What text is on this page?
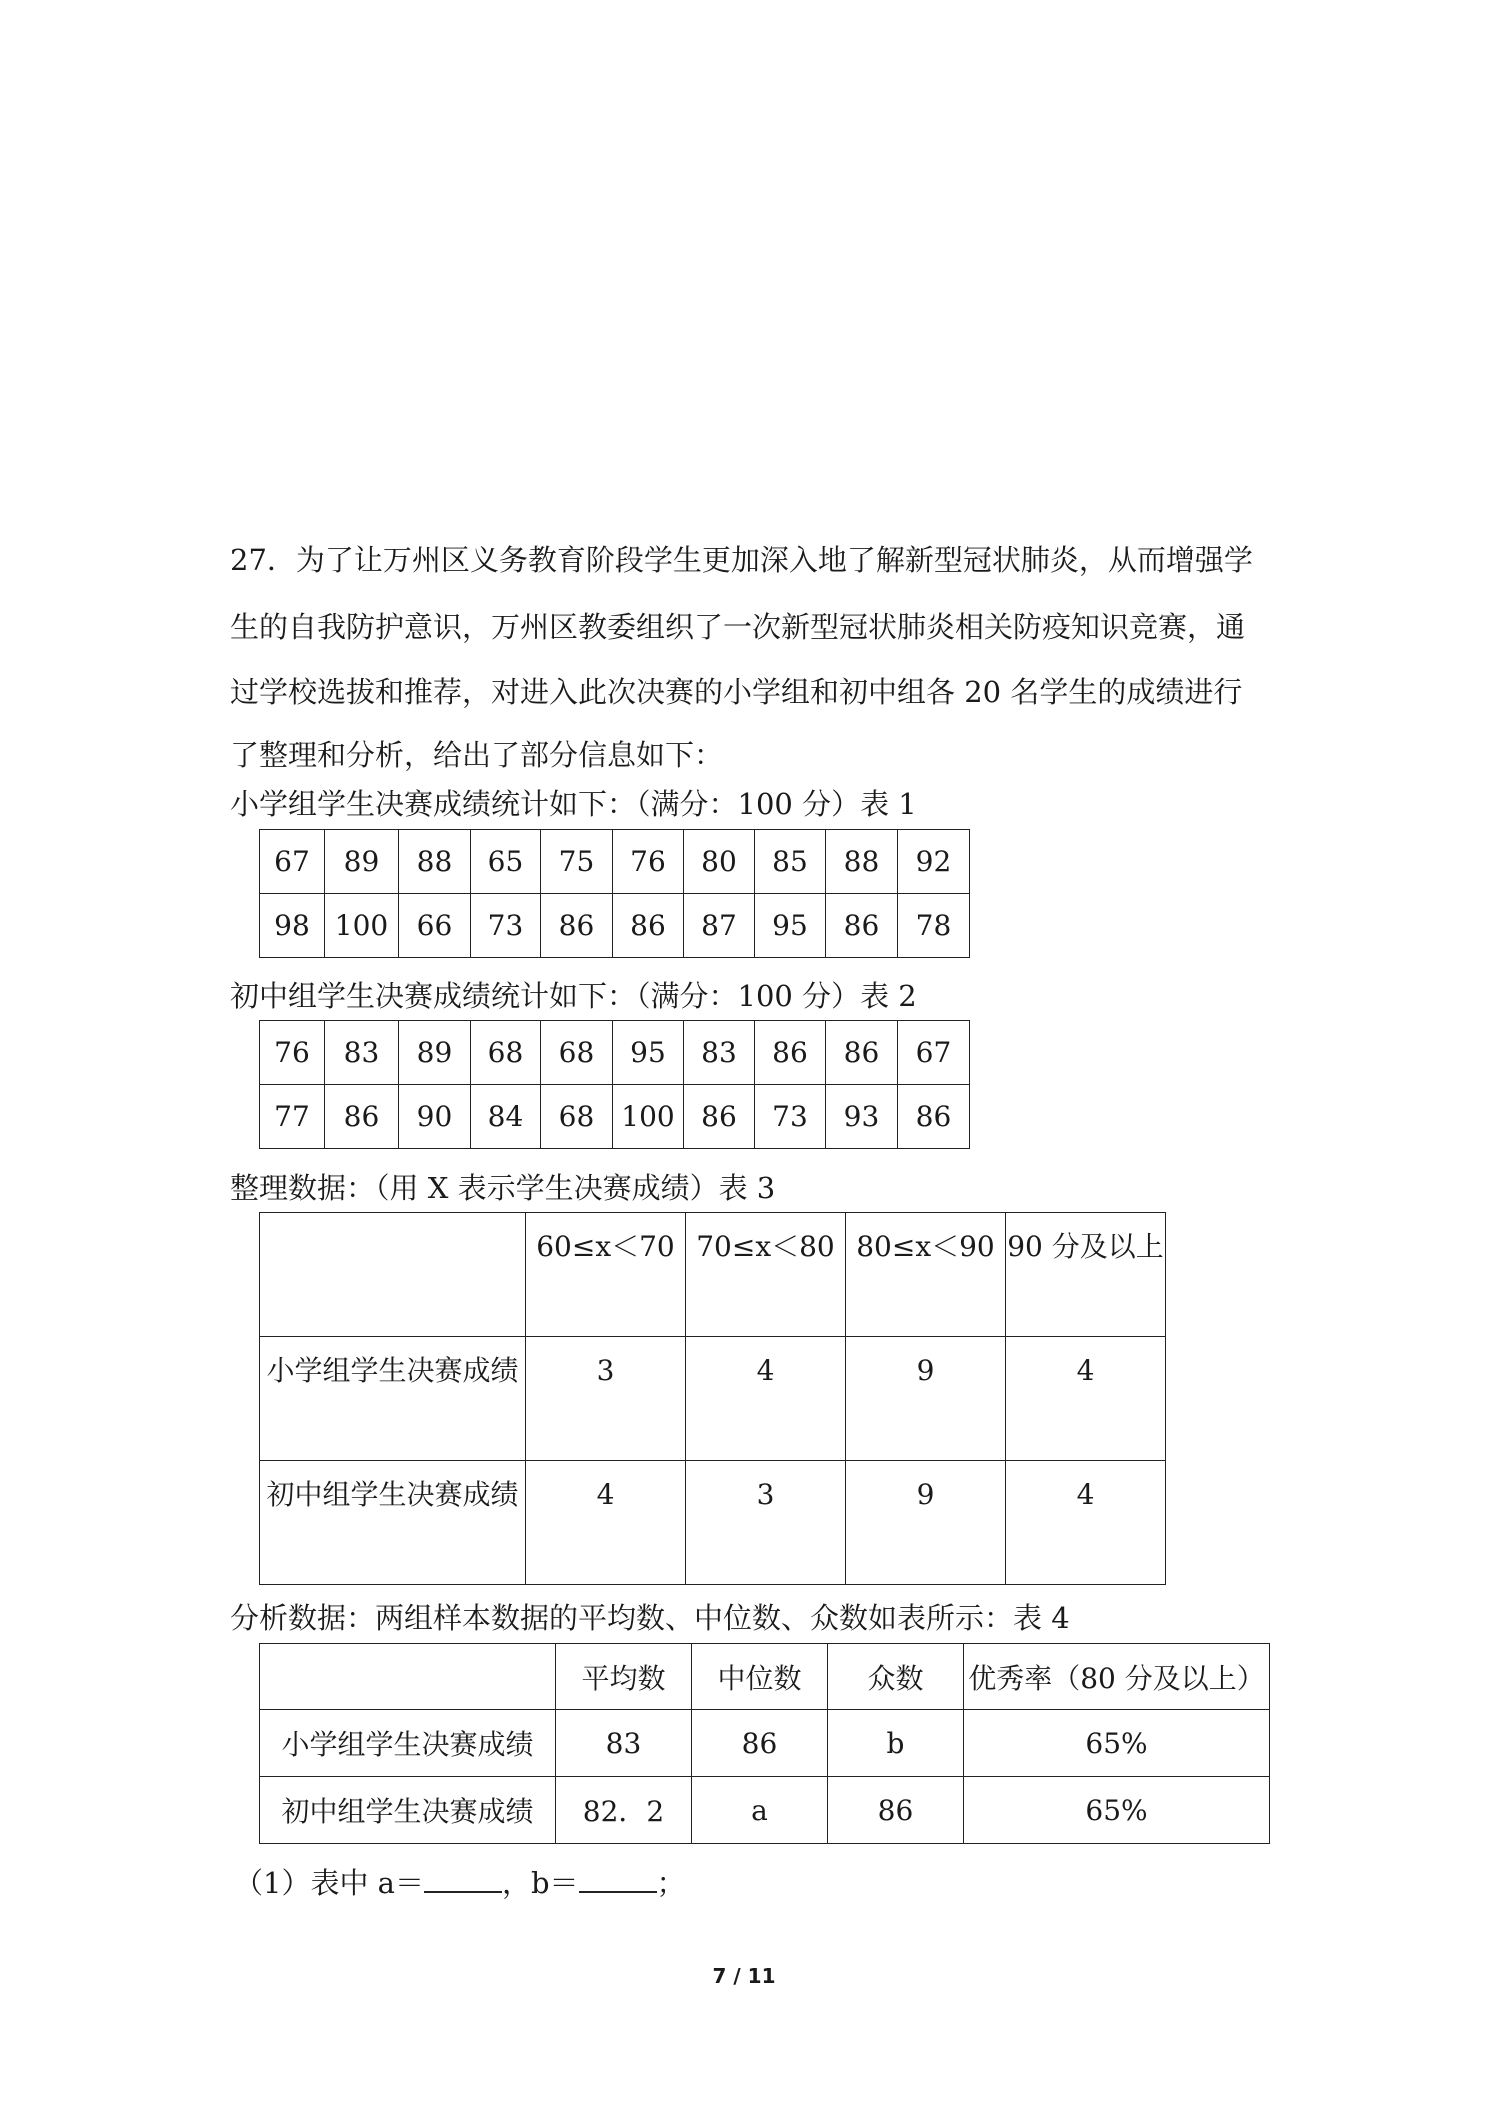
27．为了让万州区义务教育阶段学生更加深入地了解新型冠状肺炎，从而增强学
生的自我防护意识，万州区教委组织了一次新型冠状肺炎相关防疫知识竞赛，通
过学校选拔和推荐，对进入此次决赛的小学组和初中组各 20 名学生的成绩进行
了整理和分析，给出了部分信息如下：
小学组学生决赛成绩统计如下：（满分：100 分）表 1
67	89	88	65	75	76	80	85	88	92
98	100	66	73	86	86	87	95	86	78
初中组学生决赛成绩统计如下：（满分：100 分）表 2
76	83	89	68	68	95	83	86	86	67
77	86	90	84	68	100	86	73	93	86
整理数据：（用 X 表示学生决赛成绩）表 3
	60≤x＜70	70≤x＜80	80≤x＜90	90 分及以上
小学组学生决赛成绩	3	4	9	4
初中组学生决赛成绩	4	3	9	4
分析数据：两组样本数据的平均数、中位数、众数如表所示：表 4
	平均数	中位数	众数	优秀率（80 分及以上）
小学组学生决赛成绩	83	86	b	65%
初中组学生决赛成绩	82．2	a	86	65%
（1）表中 a＝	，b＝	；
7 / 11
